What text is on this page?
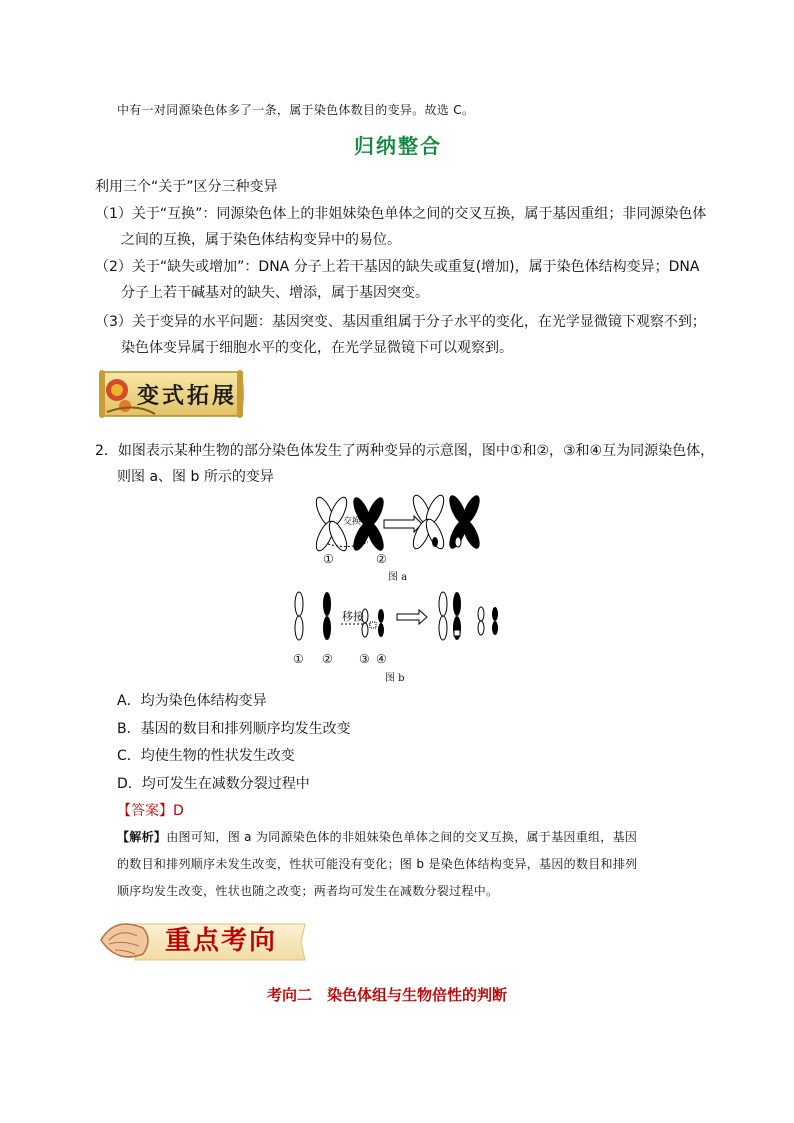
中有一对同源染色体多了一条，属于染色体数目的变异。故选 C。
归纳整合
利用三个“关于”区分三种变异
（1）关于“互换”：同源染色体上的非姐妹染色单体之间的交叉互换，属于基因重组；非同源染色体
之间的互换，属于染色体结构变异中的易位。
（2）关于“缺失或增加”：DNA 分子上若干基因的缺失或重复(增加)，属于染色体结构变异；DNA
分子上若干碱基对的缺失、增添，属于基因突变。
（3）关于变异的水平问题：基因突变、基因重组属于分子水平的变化，在光学显微镜下观察不到；
染色体变异属于细胞水平的变化，在光学显微镜下可以观察到。
变式拓展
2．如图表示某种生物的部分染色体发生了两种变异的示意图，图中①和②，③和④互为同源染色体，
则图 a、图 b 所示的变异
交换
①	②
图 a
移接
① ② ③ ④
图 b
A．均为染色体结构变异
B．基因的数目和排列顺序均发生改变
C．均使生物的性状发生改变
D．均可发生在减数分裂过程中
【答案】D
【解析】由图可知，图 a 为同源染色体的非姐妹染色单体之间的交叉互换，属于基因重组，基因
的数目和排列顺序未发生改变，性状可能没有变化；图 b 是染色体结构变异，基因的数目和排列
顺序均发生改变，性状也随之改变；两者均可发生在减数分裂过程中。
重点考向
考向二　染色体组与生物倍性的判断
